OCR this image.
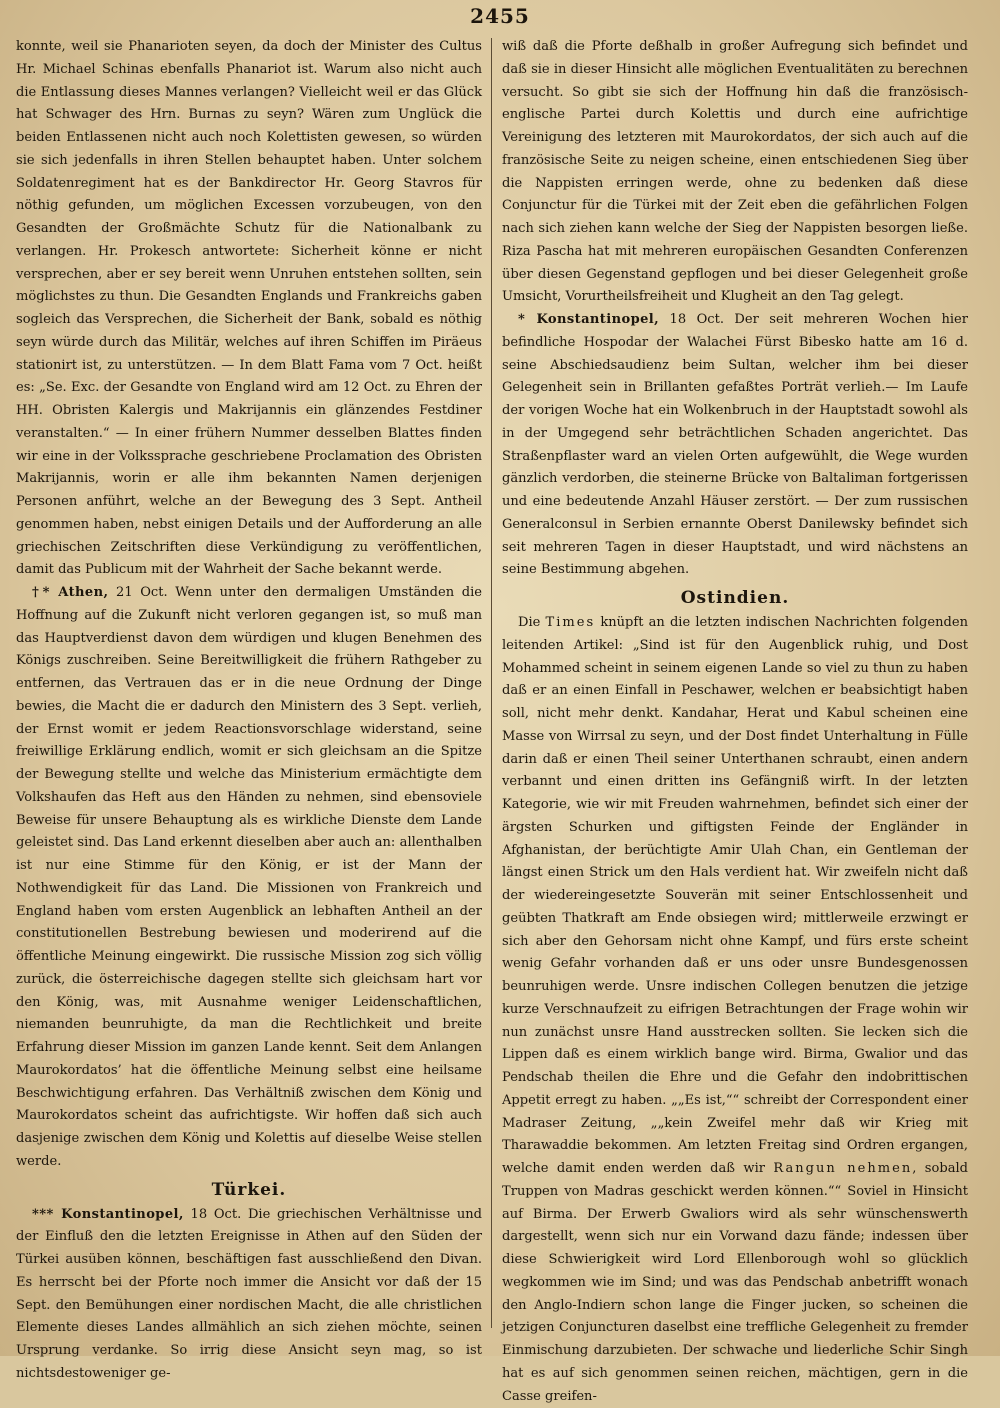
2455

konnte, weil sie Phanarioten seyen, da doch der Minister des Cultus Hr. Michael Schinas ebenfalls Phanariot ist. Warum also nicht auch die Entlassung dieses Mannes verlangen? Vielleicht weil er das Glück hat Schwager des Hrn. Burnas zu seyn? Wären zum Unglück die beiden Entlassenen nicht auch noch Kolettisten gewesen, so würden sie sich jedenfalls in ihren Stellen behauptet haben. Unter solchem Soldatenregiment hat es der Bankdirector Hr. Georg Stavros für nöthig gefunden, um möglichen Excessen vorzubeugen, von den Gesandten der Großmächte Schutz für die Nationalbank zu verlangen. Hr. Prokesch antwortete: Sicherheit könne er nicht versprechen, aber er sey bereit wenn Unruhen entstehen sollten, sein möglichstes zu thun. Die Gesandten Englands und Frankreichs gaben sogleich das Versprechen, die Sicherheit der Bank, sobald es nöthig seyn würde durch das Militär, welches auf ihren Schiffen im Piräeus stationirt ist, zu unterstützen. — In dem Blatt Fama vom 7 Oct. heißt es: „Se. Exc. der Gesandte von England wird am 12 Oct. zu Ehren der HH. Obristen Kalergis und Makrijannis ein glänzendes Festdiner veranstalten.“ — In einer frühern Nummer desselben Blattes finden wir eine in der Volkssprache geschriebene Proclamation des Obristen Makrijannis, worin er alle ihm bekannten Namen derjenigen Personen anführt, welche an der Bewegung des 3 Sept. Antheil genommen haben, nebst einigen Details und der Aufforderung an alle griechischen Zeitschriften diese Verkündigung zu veröffentlichen, damit das Publicum mit der Wahrheit der Sache bekannt werde.

†* Athen, 21 Oct. Wenn unter den dermaligen Umständen die Hoffnung auf die Zukunft nicht verloren gegangen ist, so muß man das Hauptverdienst davon dem würdigen und klugen Benehmen des Königs zuschreiben. Seine Bereitwilligkeit die frühern Rathgeber zu entfernen, das Vertrauen das er in die neue Ordnung der Dinge bewies, die Macht die er dadurch den Ministern des 3 Sept. verlieh, der Ernst womit er jedem Reactionsvorschlage widerstand, seine freiwillige Erklärung endlich, womit er sich gleichsam an die Spitze der Bewegung stellte und welche das Ministerium ermächtigte dem Volkshaufen das Heft aus den Händen zu nehmen, sind ebensoviele Beweise für unsere Behauptung als es wirkliche Dienste dem Lande geleistet sind. Das Land erkennt dieselben aber auch an: allenthalben ist nur eine Stimme für den König, er ist der Mann der Nothwendigkeit für das Land. Die Missionen von Frankreich und England haben vom ersten Augenblick an lebhaften Antheil an der constitutionellen Bestrebung bewiesen und moderirend auf die öffentliche Meinung eingewirkt. Die russische Mission zog sich völlig zurück, die österreichische dagegen stellte sich gleichsam hart vor den König, was, mit Ausnahme weniger Leidenschaftlichen, niemanden beunruhigte, da man die Rechtlichkeit und breite Erfahrung dieser Mission im ganzen Lande kennt. Seit dem Anlangen Maurokordatos’ hat die öffentliche Meinung selbst eine heilsame Beschwichtigung erfahren. Das Verhältniß zwischen dem König und Maurokordatos scheint das aufrichtigste. Wir hoffen daß sich auch dasjenige zwischen dem König und Kolettis auf dieselbe Weise stellen werde.

Türkei.

*** Konstantinopel, 18 Oct. Die griechischen Verhältnisse und der Einfluß den die letzten Ereignisse in Athen auf den Süden der Türkei ausüben können, beschäftigen fast ausschließend den Divan. Es herrscht bei der Pforte noch immer die Ansicht vor daß der 15 Sept. den Bemühungen einer nordischen Macht, die alle christlichen Elemente dieses Landes allmählich an sich ziehen möchte, seinen Ursprung verdanke. So irrig diese Ansicht seyn mag, so ist nichtsdestoweniger ge-

wiß daß die Pforte deßhalb in großer Aufregung sich befindet und daß sie in dieser Hinsicht alle möglichen Eventualitäten zu berechnen versucht. So gibt sie sich der Hoffnung hin daß die französisch-englische Partei durch Kolettis und durch eine aufrichtige Vereinigung des letzteren mit Maurokordatos, der sich auch auf die französische Seite zu neigen scheine, einen entschiedenen Sieg über die Nappisten erringen werde, ohne zu bedenken daß diese Conjunctur für die Türkei mit der Zeit eben die gefährlichen Folgen nach sich ziehen kann welche der Sieg der Nappisten besorgen ließe. Riza Pascha hat mit mehreren europäischen Gesandten Conferenzen über diesen Gegenstand gepflogen und bei dieser Gelegenheit große Umsicht, Vorurtheilsfreiheit und Klugheit an den Tag gelegt.

* Konstantinopel, 18 Oct. Der seit mehreren Wochen hier befindliche Hospodar der Walachei Fürst Bibesko hatte am 16 d. seine Abschiedsaudienz beim Sultan, welcher ihm bei dieser Gelegenheit sein in Brillanten gefaßtes Porträt verlieh.— Im Laufe der vorigen Woche hat ein Wolkenbruch in der Hauptstadt sowohl als in der Umgegend sehr beträchtlichen Schaden angerichtet. Das Straßenpflaster ward an vielen Orten aufgewühlt, die Wege wurden gänzlich verdorben, die steinerne Brücke von Baltaliman fortgerissen und eine bedeutende Anzahl Häuser zerstört. — Der zum russischen Generalconsul in Serbien ernannte Oberst Danilewsky befindet sich seit mehreren Tagen in dieser Hauptstadt, und wird nächstens an seine Bestimmung abgehen.

Ostindien.

Die Times knüpft an die letzten indischen Nachrichten folgenden leitenden Artikel: „Sind ist für den Augenblick ruhig, und Dost Mohammed scheint in seinem eigenen Lande so viel zu thun zu haben daß er an einen Einfall in Peschawer, welchen er beabsichtigt haben soll, nicht mehr denkt. Kandahar, Herat und Kabul scheinen eine Masse von Wirrsal zu seyn, und der Dost findet Unterhaltung in Fülle darin daß er einen Theil seiner Unterthanen schraubt, einen andern verbannt und einen dritten ins Gefängniß wirft. In der letzten Kategorie, wie wir mit Freuden wahrnehmen, befindet sich einer der ärgsten Schurken und giftigsten Feinde der Engländer in Afghanistan, der berüchtigte Amir Ulah Chan, ein Gentleman der längst einen Strick um den Hals verdient hat. Wir zweifeln nicht daß der wiedereingesetzte Souverän mit seiner Entschlossenheit und geübten Thatkraft am Ende obsiegen wird; mittlerweile erzwingt er sich aber den Gehorsam nicht ohne Kampf, und fürs erste scheint wenig Gefahr vorhanden daß er uns oder unsre Bundesgenossen beunruhigen werde. Unsre indischen Collegen benutzen die jetzige kurze Verschnaufzeit zu eifrigen Betrachtungen der Frage wohin wir nun zunächst unsre Hand ausstrecken sollten. Sie lecken sich die Lippen daß es einem wirklich bange wird. Birma, Gwalior und das Pendschab theilen die Ehre und die Gefahr den indobrittischen Appetit erregt zu haben. „„Es ist,““ schreibt der Correspondent einer Madraser Zeitung, „„kein Zweifel mehr daß wir Krieg mit Tharawaddie bekommen. Am letzten Freitag sind Ordren ergangen, welche damit enden werden daß wir Rangun nehmen, sobald Truppen von Madras geschickt werden können.““ Soviel in Hinsicht auf Birma. Der Erwerb Gwaliors wird als sehr wünschenswerth dargestellt, wenn sich nur ein Vorwand dazu fände; indessen über diese Schwierigkeit wird Lord Ellenborough wohl so glücklich wegkommen wie im Sind; und was das Pendschab anbetrifft wonach den Anglo-Indiern schon lange die Finger jucken, so scheinen die jetzigen Conjuncturen daselbst eine treffliche Gelegenheit zu fremder Einmischung darzubieten. Der schwache und liederliche Schir Singh hat es auf sich genommen seinen reichen, mächtigen, gern in die Casse greifen-
